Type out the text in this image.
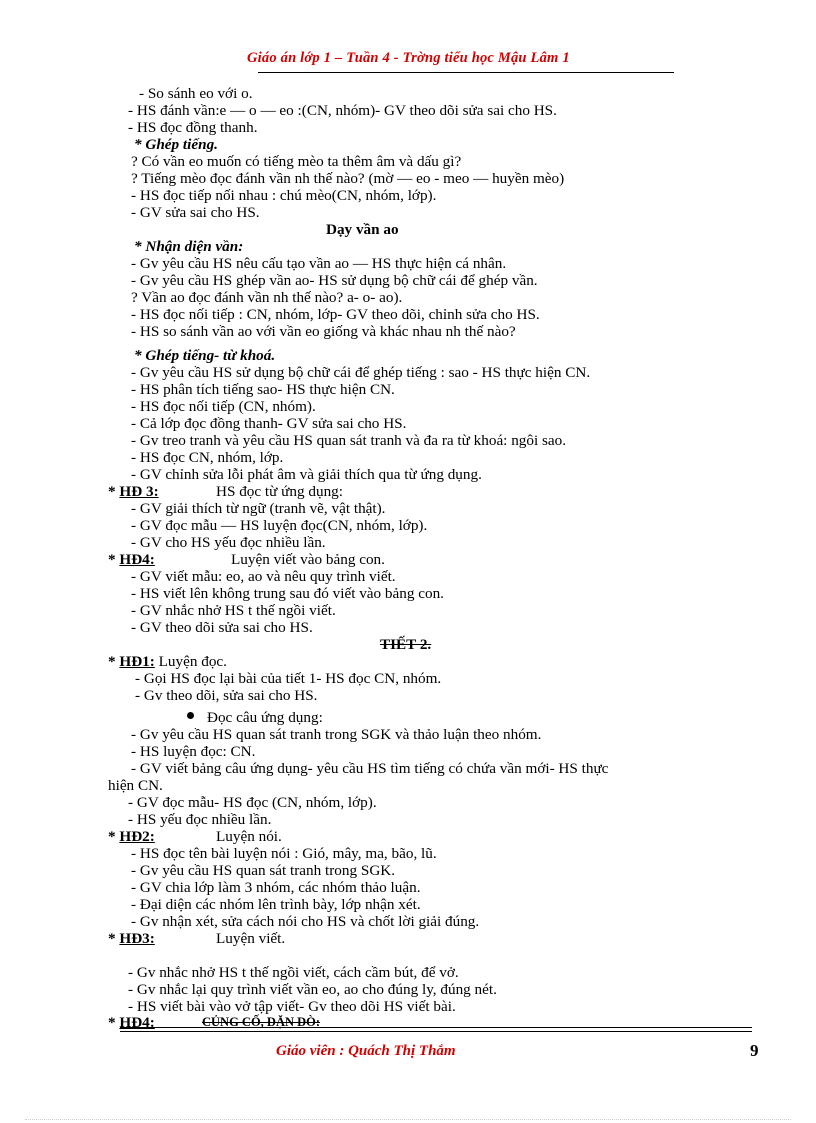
Giáo án lớp 1 – Tuần 4 - Trờng tiểu học Mậu Lâm 1
- So sánh eo với o.
- HS đánh vần:e — o — eo :(CN, nhóm)- GV theo dõi sửa sai cho HS.
- HS đọc đồng thanh.
* Ghép tiếng.
? Có vần eo muốn có tiếng mèo ta thêm âm và dấu gì?
? Tiếng mèo đọc đánh vần nh thế nào? (mờ — eo - meo — huyền mèo)
- HS đọc tiếp nối nhau : chú mèo(CN, nhóm, lớp).
- GV sửa sai cho HS.
Dạy vần ao
* Nhận diện vần:
- Gv yêu cầu HS nêu cấu tạo vần ao — HS thực hiện cá nhân.
- Gv yêu cầu HS ghép vần ao- HS sử dụng bộ chữ cái để ghép vần.
? Vần ao đọc đánh vần nh thế nào? a- o- ao).
- HS đọc nối tiếp : CN, nhóm, lớp- GV theo dõi, chỉnh sửa cho HS.
- HS so sánh vần ao với vần eo giống và khác nhau nh thế nào?
* Ghép tiếng- từ khoá.
- Gv yêu cầu HS sử dụng bộ chữ cái để ghép tiếng : sao - HS thực hiện CN.
- HS phân tích tiếng sao- HS thực hiện CN.
- HS đọc nối tiếp (CN, nhóm).
- Cả lớp đọc đồng thanh- GV sửa sai cho HS.
- Gv treo tranh và yêu cầu HS quan sát tranh và đa ra từ khoá: ngôi sao.
- HS đọc CN, nhóm, lớp.
- GV chỉnh sửa lỗi phát âm và giải thích qua từ ứng dụng.
* HĐ 3:	HS đọc từ ứng dụng:
- GV giải thích từ ngữ (tranh vẽ, vật thật).
- GV đọc mẫu — HS luyện đọc(CN, nhóm, lớp).
- GV cho HS yếu đọc nhiều lần.
* HĐ4:	Luyện viết vào bảng con.
- GV viết mẫu: eo, ao và nêu quy trình viết.
- HS viết lên không trung sau đó viết vào bảng con.
- GV nhắc nhở HS t thế ngồi viết.
- GV theo dõi sửa sai cho HS.
TIẾT 2.
* HĐ1: Luyện đọc.
- Gọi HS đọc lại bài của tiết 1- HS đọc CN, nhóm.
- Gv theo dõi, sửa sai cho HS.
Đọc câu ứng dụng:
- Gv yêu cầu HS quan sát tranh trong SGK và thảo luận theo nhóm.
- HS luyện đọc: CN.
- GV viết bảng câu ứng dụng- yêu cầu HS tìm tiếng có chứa vần mới- HS thực
hiện CN.
- GV đọc mẫu- HS đọc (CN, nhóm, lớp).
- HS yếu đọc nhiều lần.
* HĐ2:	Luyện nói.
- HS đọc tên bài luyện nói : Gió, mây, ma, bão, lũ.
- Gv yêu cầu HS quan sát tranh trong SGK.
- GV chia lớp làm 3 nhóm, các nhóm thảo luận.
- Đại diện các nhóm lên trình bày, lớp nhận xét.
- Gv nhận xét, sửa cách nói cho HS và chốt lời giải đúng.
* HĐ3:	Luyện viết.
- Gv nhắc nhở HS t thế ngồi viết, cách cầm bút, để vở.
- Gv nhắc lại quy trình viết vần eo, ao cho đúng ly, đúng nét.
- HS viết bài vào vở tập viết- Gv theo dõi HS viết bài.
* HĐ4:	CỦNG CỐ, DẶN DÒ:
Giáo viên : Quách Thị Thắm	9
